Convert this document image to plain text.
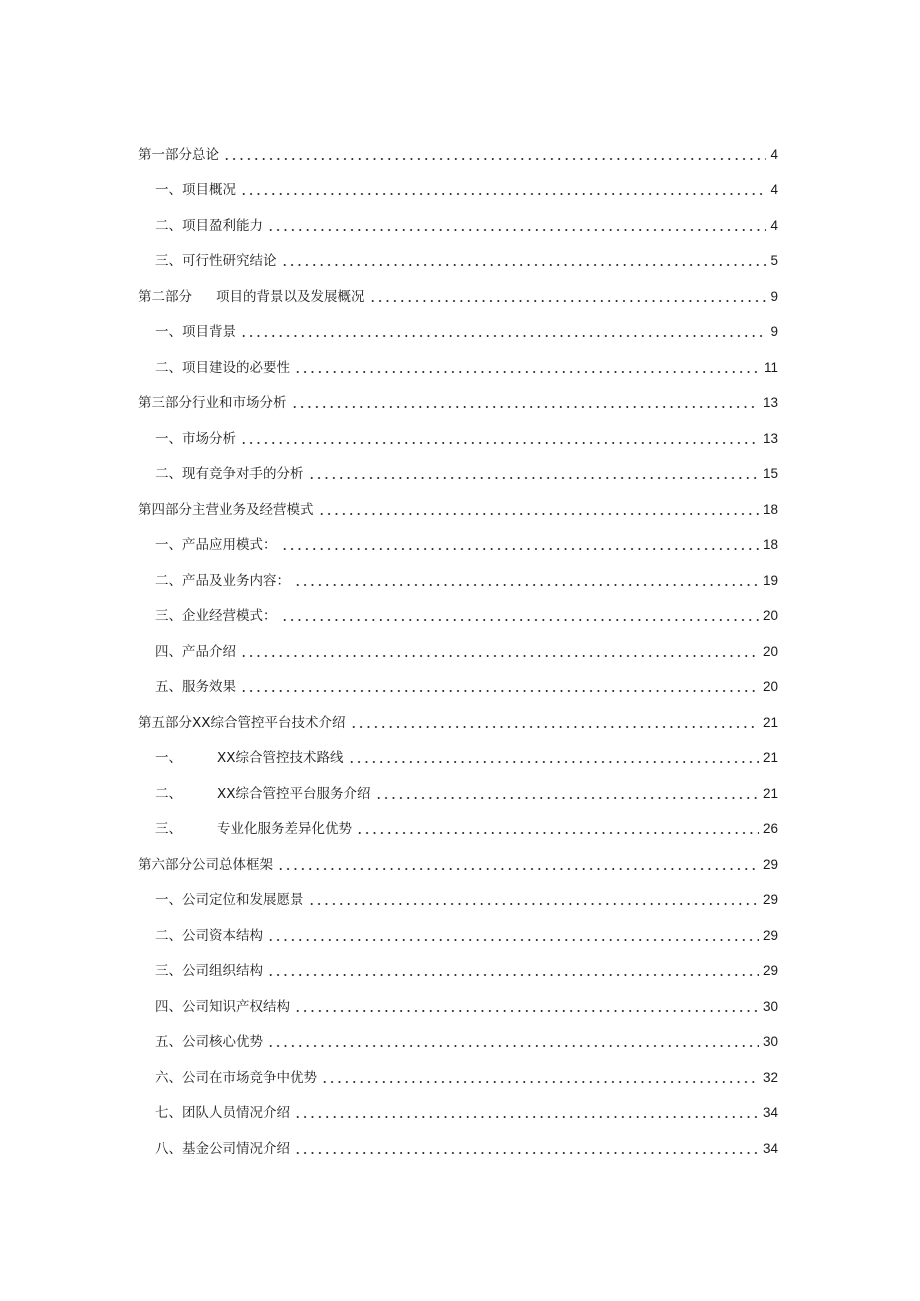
第一部分总论	4
一、 项目概况	4
二、 项目盈利能力	4
三、 可行性研究结论	5
第二部分 项目的背景以及发展概况	9
一、 项目背景	9
二、 项目建设的必要性	11
第三部分行业和市场分析	13
一、 市场分析	13
二、 现有竞争对手的分析	15
第四部分主营业务及经营模式	18
一、 产品应用模式：	18
二、 产品及业务内容：	19
三、 企业经营模式：	20
四、 产品介绍	20
五、 服务效果	20
第五部分XX综合管控平台技术介绍	21
一、	XX综合管控技术路线	21
二、	XX综合管控平台服务介绍	21
三、	专业化服务差异化优势	26
第六部分公司总体框架	29
一、 公司定位和发展愿景	29
二、 公司资本结构	29
三、 公司组织结构	29
四、 公司知识产权结构	30
五、 公司核心优势	30
六、 公司在市场竞争中优势	32
七、 团队人员情况介绍	34
八、 基金公司情况介绍	34
